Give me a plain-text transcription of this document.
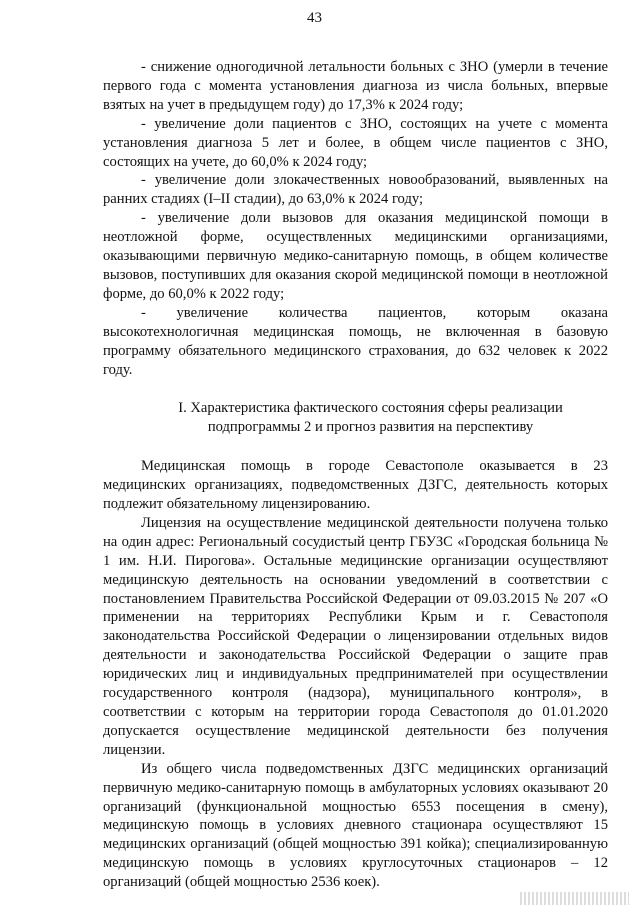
43

- снижение одногодичной летальности больных с ЗНО (умерли в течение первого года с момента установления диагноза из числа больных, впервые взятых на учет в предыдущем году) до 17,3% к 2024 году;

- увеличение доли пациентов с ЗНО, состоящих на учете с момента установления диагноза 5 лет и более, в общем числе пациентов с ЗНО, состоящих на учете, до 60,0% к 2024 году;

- увеличение доли злокачественных новообразований, выявленных на ранних стадиях (I–II стадии), до 63,0% к 2024 году;

- увеличение доли вызовов для оказания медицинской помощи в неотложной форме, осуществленных медицинскими организациями, оказывающими первичную медико-санитарную помощь, в общем количестве вызовов, поступивших для оказания скорой медицинской помощи в неотложной форме, до 60,0% к 2022 году;

- увеличение количества пациентов, которым оказана высокотехнологичная медицинская помощь, не включенная в базовую программу обязательного медицинского страхования, до 632 человек к 2022 году.

I. Характеристика фактического состояния сферы реализации

подпрограммы 2 и прогноз развития на перспективу

Медицинская помощь в городе Севастополе оказывается в 23 медицинских организациях, подведомственных ДЗГС, деятельность которых подлежит обязательному лицензированию.

Лицензия на осуществление медицинской деятельности получена только на один адрес: Региональный сосудистый центр ГБУЗС «Городская больница № 1 им. Н.И. Пирогова». Остальные медицинские организации осуществляют медицинскую деятельность на основании уведомлений в соответствии с постановлением Правительства Российской Федерации от 09.03.2015 № 207 «О применении на территориях Республики Крым и г. Севастополя законодательства Российской Федерации о лицензировании отдельных видов деятельности и законодательства Российской Федерации о защите прав юридических лиц и индивидуальных предпринимателей при осуществлении государственного контроля (надзора), муниципального контроля», в соответствии с которым на территории города Севастополя до 01.01.2020 допускается осуществление медицинской деятельности без получения лицензии.

Из общего числа подведомственных ДЗГС медицинских организаций первичную медико-санитарную помощь в амбулаторных условиях оказывают 20 организаций (функциональной мощностью 6553 посещения в смену), медицинскую помощь в условиях дневного стационара осуществляют 15 медицинских организаций (общей мощностью 391 койка); специализированную медицинскую помощь в условиях круглосуточных стационаров – 12 организаций (общей мощностью 2536 коек).
